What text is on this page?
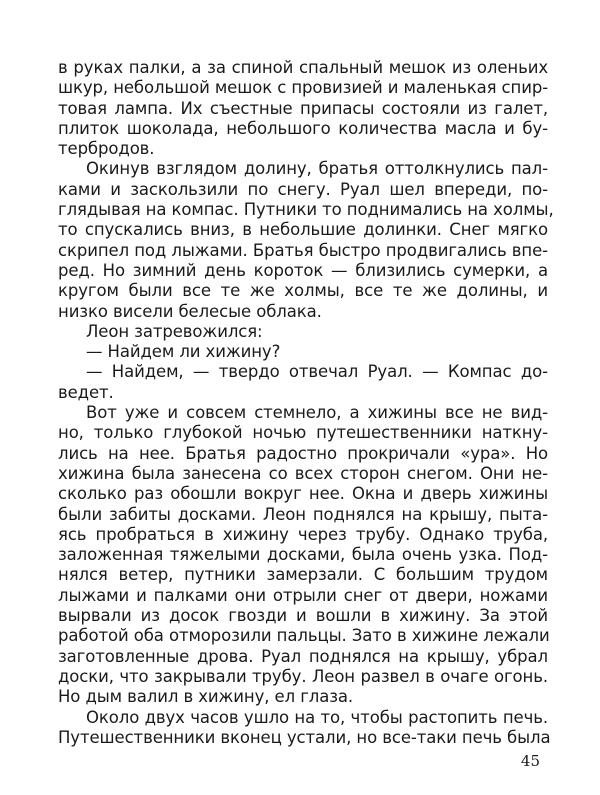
в руках палки, а за спиной спальный мешок из оленьих
шкур, небольшой мешок с провизией и маленькая спир-
товая лампа. Их съестные припасы состояли из галет,
плиток шоколада, небольшого количества масла и бу-
тербродов.
Окинув взглядом долину, братья оттолкнулись пал-
ками и заскользили по снегу. Руал шел впереди, по-
глядывая на компас. Путники то поднимались на холмы,
то спускались вниз, в небольшие долинки. Снег мягко
скрипел под лыжами. Братья быстро продвигались впе-
ред. Но зимний день короток — близились сумерки, а
кругом были все те же холмы, все те же долины, и
низко висели белесые облака.
Леон затревожился:
— Найдем ли хижину?
— Найдем, — твердо отвечал Руал. — Компас до-
ведет.
Вот уже и совсем стемнело, а хижины все не вид-
но, только глубокой ночью путешественники наткну-
лись на нее. Братья радостно прокричали «ура». Но
хижина была занесена со всех сторон снегом. Они не-
сколько раз обошли вокруг нее. Окна и дверь хижины
были забиты досками. Леон поднялся на крышу, пыта-
ясь пробраться в хижину через трубу. Однако труба,
заложенная тяжелыми досками, была очень узка. Под-
нялся ветер, путники замерзали. С большим трудом
лыжами и палками они отрыли снег от двери, ножами
вырвали из досок гвозди и вошли в хижину. За этой
работой оба отморозили пальцы. Зато в хижине лежали
заготовленные дрова. Руал поднялся на крышу, убрал
доски, что закрывали трубу. Леон развел в очаге огонь.
Но дым валил в хижину, ел глаза.
Около двух часов ушло на то, чтобы растопить печь.
Путешественники вконец устали, но все-таки печь была
45
